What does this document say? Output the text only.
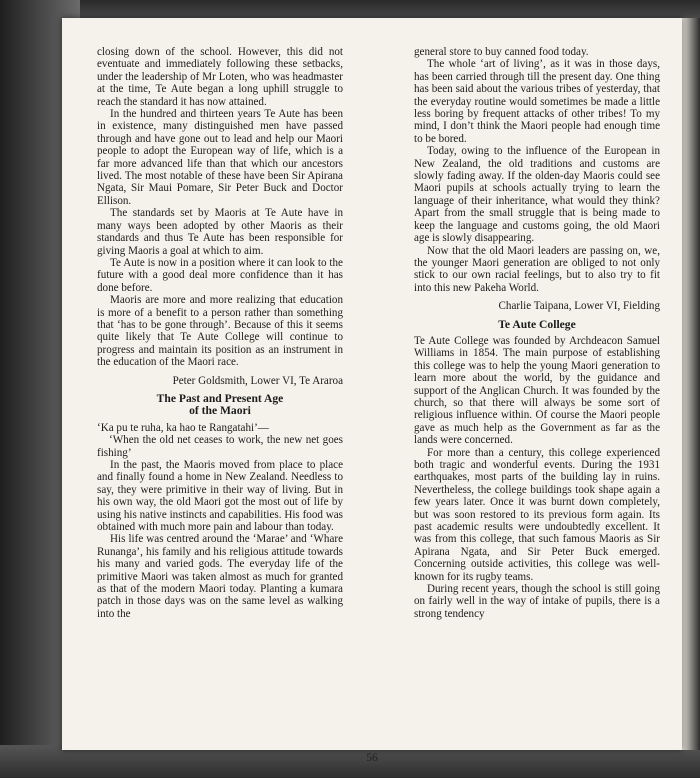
56

closing down of the school. However, this did not eventuate and immediately following these setbacks, under the leadership of Mr Loten, who was headmaster at the time, Te Aute began a long uphill struggle to reach the standard it has now attained.

In the hundred and thirteen years Te Aute has been in existence, many distinguished men have passed through and have gone out to lead and help our Maori people to adopt the European way of life, which is a far more advanced life than that which our ancestors lived. The most notable of these have been Sir Apirana Ngata, Sir Maui Pomare, Sir Peter Buck and Doctor Ellison.

The standards set by Maoris at Te Aute have in many ways been adopted by other Maoris as their standards and thus Te Aute has been responsible for giving Maoris a goal at which to aim.

Te Aute is now in a position where it can look to the future with a good deal more confidence than it has done before.

Maoris are more and more realizing that education is more of a benefit to a person rather than something that ‘has to be gone through’. Because of this it seems quite likely that Te Aute College will continue to progress and maintain its position as an instrument in the education of the Maori race.

Peter Goldsmith, Lower VI, Te Araroa

The Past and Present Age
of the Maori

‘Ka pu te ruha, ka hao te Rangatahi’—

‘When the old net ceases to work, the new net goes fishing’

In the past, the Maoris moved from place to place and finally found a home in New Zealand. Needless to say, they were primitive in their way of living. But in his own way, the old Maori got the most out of life by using his native instincts and capabilities. His food was obtained with much more pain and labour than today.

His life was centred around the ‘Marae’ and ‘Whare Runanga’, his family and his religious attitude towards his many and varied gods. The everyday life of the primitive Maori was taken almost as much for granted as that of the modern Maori today. Planting a kumara patch in those days was on the same level as walking into the

general store to buy canned food today.

The whole ‘art of living’, as it was in those days, has been carried through till the present day. One thing has been said about the various tribes of yesterday, that the everyday routine would sometimes be made a little less boring by frequent attacks of other tribes! To my mind, I don’t think the Maori people had enough time to be bored.

Today, owing to the influence of the European in New Zealand, the old traditions and customs are slowly fading away. If the olden-day Maoris could see Maori pupils at schools actually trying to learn the language of their inheritance, what would they think? Apart from the small struggle that is being made to keep the language and customs going, the old Maori age is slowly disappearing.

Now that the old Maori leaders are passing on, we, the younger Maori generation are obliged to not only stick to our own racial feelings, but to also try to fit into this new Pakeha World.

Charlie Taipana, Lower VI, Fielding

Te Aute College

Te Aute College was founded by Archdeacon Samuel Williams in 1854. The main purpose of establishing this college was to help the young Maori generation to learn more about the world, by the guidance and support of the Anglican Church. It was founded by the church, so that there will always be some sort of religious influence within. Of course the Maori people gave as much help as the Government as far as the lands were concerned.

For more than a century, this college experienced both tragic and wonderful events. During the 1931 earthquakes, most parts of the building lay in ruins. Nevertheless, the college buildings took shape again a few years later. Once it was burnt down completely, but was soon restored to its previous form again. Its past academic results were undoubtedly excellent. It was from this college, that such famous Maoris as Sir Apirana Ngata, and Sir Peter Buck emerged. Concerning outside activities, this college was well-known for its rugby teams.

During recent years, though the school is still going on fairly well in the way of intake of pupils, there is a strong tendency
